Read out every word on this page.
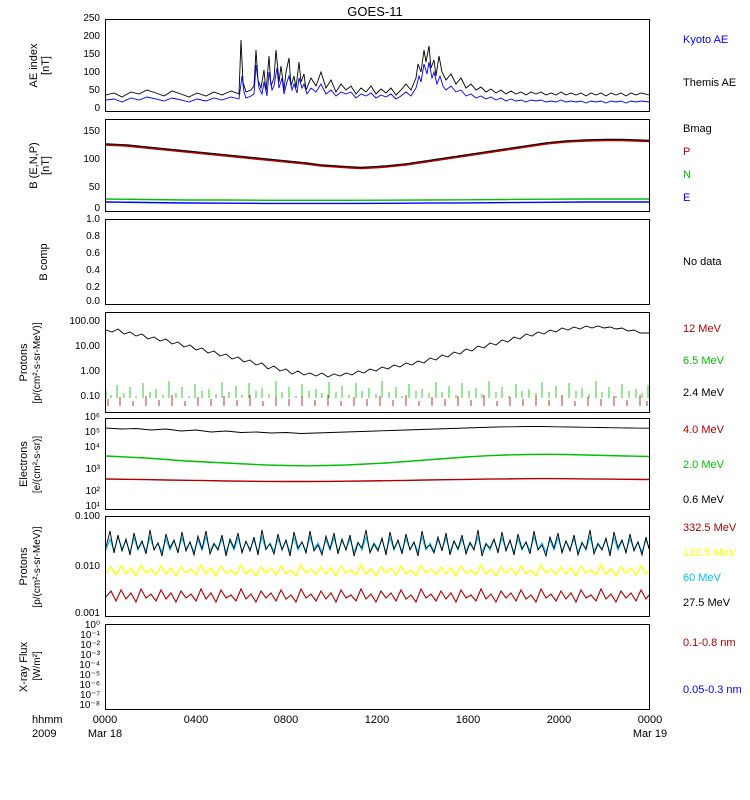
GOES-11
AE index
[nT]
250
200
150
100
50
0
Kyoto AE
Themis AE
B (E,N,P)
[nT]
150
100
50
0
Bmag
P
N
E
B comp
1.0
0.8
0.6
0.4
0.2
0.0
No data
Protons [p/(cm²-s-sr-MeV)]
100.00
10.00
1.00
0.10
12 MeV
6.5 MeV
2.4 MeV
Electrons [e/(cm²-s-sr)]
10⁶
10⁵
10⁴
10³
10²
10¹
4.0 MeV
2.0 MeV
0.6 MeV
Protons [p/(cm²-s-sr-MeV)]
0.100
0.010
0.001
332.5 MeV
122.5 MeV
60 MeV
27.5 MeV
X-ray Flux [W/m²]
10⁰
10⁻¹
10⁻²
10⁻³
10⁻⁴
10⁻⁵
10⁻⁶
10⁻⁷
10⁻⁸
0.1-0.8 nm
0.05-0.3 nm
0000	0400	0800	1200	1600	2000	0000
hhmm
2009	Mar 18	Mar 19
